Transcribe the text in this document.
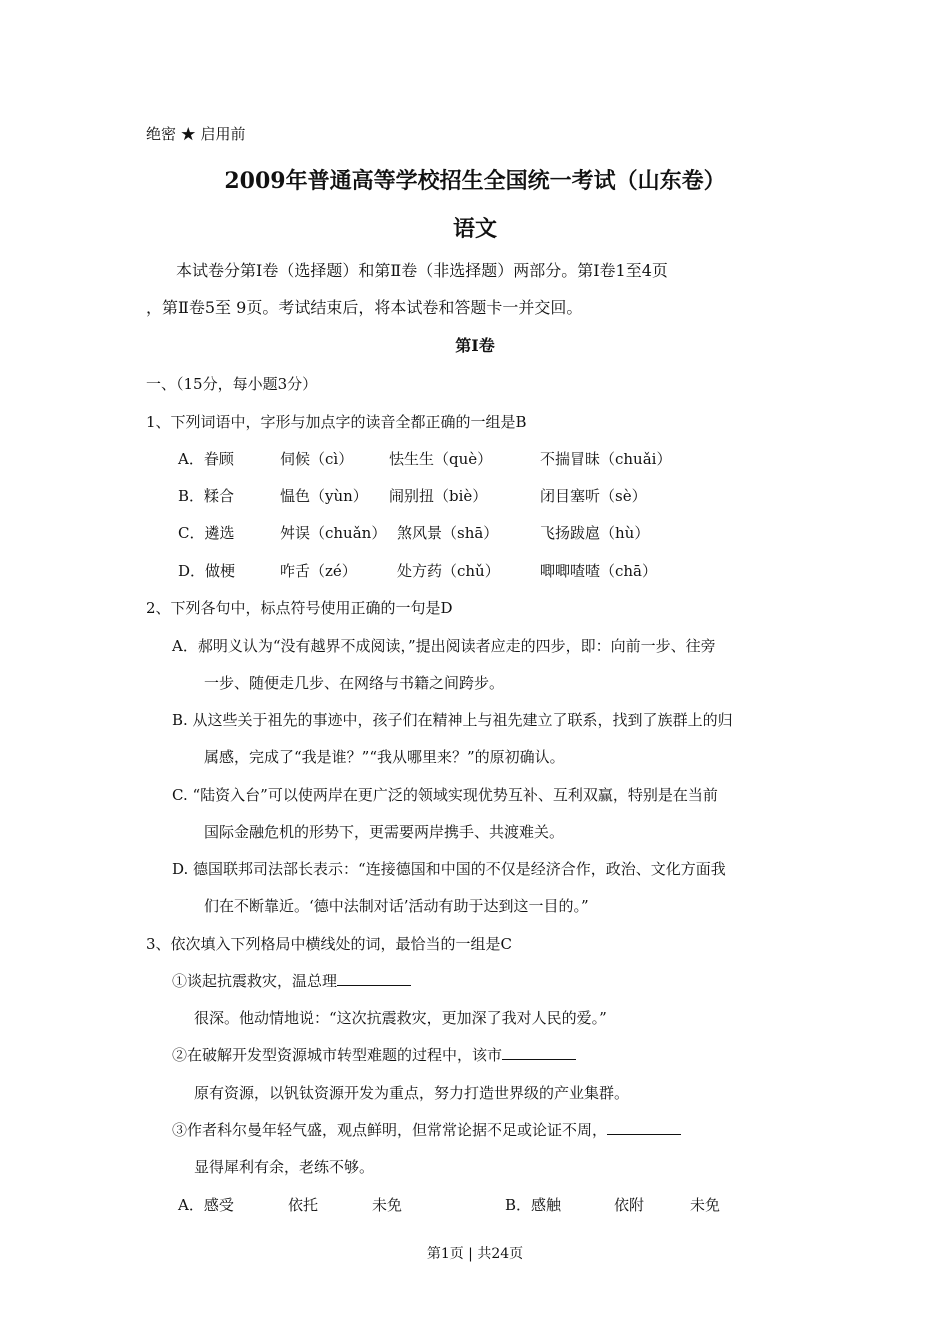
绝密 ★ 启用前
2009年普通高等学校招生全国统一考试（山东卷）
语文
本试卷分第Ⅰ卷（选择题）和第Ⅱ卷（非选择题）两部分。第Ⅰ卷1至4页
，第Ⅱ卷5至 9页。考试结束后，将本试卷和答题卡一并交回。
第Ⅰ卷
一、（15分，每小题3分）
1、下列词语中，字形与加点字的读音全都正确的一组是B
A．眷顾	伺候（cì） 怯生生（què）	不揣冒昧（chuǎi）
B．糅合	愠色（yùn） 闹别扭（biè）	闭目塞听（sè）
C．遴选	舛误（chuǎn） 煞风景（shā）	飞扬跋扈（hù）
D．做梗	咋舌（zé）	处方药（chǔ）	唧唧喳喳（chā）
2、下列各句中，标点符号使用正确的一句是D
A．郝明义认为“没有越界不成阅读，”提出阅读者应走的四步，即：向前一步、往旁
一步、随便走几步、在网络与书籍之间跨步。
B. 从这些关于祖先的事迹中，孩子们在精神上与祖先建立了联系，找到了族群上的归
属感，完成了“我是谁？”“我从哪里来？”的原初确认。
C. “陆资入台”可以使两岸在更广泛的领域实现优势互补、互利双赢，特别是在当前
国际金融危机的形势下，更需要两岸携手、共渡难关。
D. 德国联邦司法部长表示：“连接德国和中国的不仅是经济合作，政治、文化方面我
们在不断靠近。‘德中法制对话’活动有助于达到这一目的。”
3、依次填入下列格局中横线处的词，最恰当的一组是C
①谈起抗震救灾，温总理
很深。他动情地说：“这次抗震救灾，更加深了我对人民的爱。”
②在破解开发型资源城市转型难题的过程中，该市
原有资源，以钒钛资源开发为重点，努力打造世界级的产业集群。
③作者科尔曼年轻气盛，观点鲜明，但常常论据不足或论证不周，
显得犀利有余，老练不够。
A．感受	依托	未免	B．感触	依附	未免
第1页 | 共24页
